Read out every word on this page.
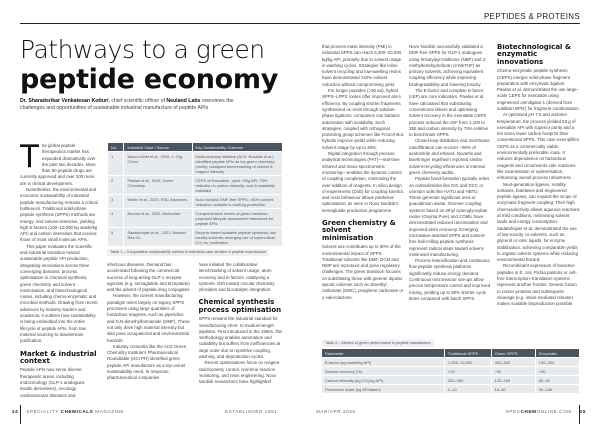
PEPTIDES & PROTEINS
Pathways to a green
peptide economy
Dr. Sharadsrikar Venkatesan Kotturi, chief scientific officer of Neuland Labs overviews the challenges and opportunities of sustainable industrial manufacture of peptide APIs

The global peptide therapeutics market has expanded dramatically over the past two decades. More than 80 peptide drugs are currently approved and over 200 more are in clinical development.

Nonetheless, the environmental and economic sustainability of industrial peptide manufacturing remains a critical bottleneck. Traditional solid-phase peptide synthesis (SPPS) methods are energy- and solvent-intensive, yielding high E-factors (100–10,000 kg waste/kg API) and carbon intensities that exceed those of most small molecule APIs.

This paper evaluates the scientific and industrial transition toward sustainable peptide API production, integrating innovations across three converging domains: process optimisation in chemical synthesis, green chemistry and solvent minimisation, and biotechnological routes, including chemo-enzymatic and microbial methods. Drawing from recent advances by industry leaders and academia, it outlines how sustainability is being embedded into the entire lifecycle of peptide APIs, from raw material sourcing to downstream purification.

Market & industrial context

Peptide APIs now serve diverse therapeutic areas, including endocrinology (GLP-1 analogues, insulin derivatives), oncology, cardiovascular diseases and

No.	Industrial Case / Source	Key Sustainability Outcome
1	Isidro-Llobet et al., 2019, J. Org. Chem.	Multi-company initiative (ACS, Novartis et al.) identified peptide APIs as top green chemistry priority; catalysed benchmarking of solvent & reagent intensity
2	Pawlas et al., 2019, Green Chemistry	CEPS of Exenatide - yield >50g API; 75% reduction in carbon intensity; cost & scalability validated
3	Martin et al., 2020, RSC Advances	Novo Nordisk DMF-free SPPS; >60% solvent reduction; suitable to multi-kg production
4	Neumo et al., 2023, Molecules	Comprehensive review of green transition; proposed lifecycle assessment framework for peptide APIs
5	Sadatshojaei et al., 2021, Biomed Res Ch.	Enzyme-based scalable peptide synthesis; low toxicity solvents; emerging use of supercritical CO₂ for purification
Table 1 – Comparative sustainability metrics in industrial case studies of peptide manufacture

infectious diseases. Demand has accelerated following the commercial success of long-acting GLP-1 receptor agonists (e.g. semaglutide and tirzepatide) and the advent of peptide-drug conjugates.

However, the current manufacturing paradigm relies largely on legacy SPPS processes using large quantities of hazardous reagents, such as piperidine and N,N-dimethylformamide (DMF). These not only drive high material intensity but also pose occupational and environmental hazards.

Industry consortia like the ACS Green Chemistry Institute's Pharmaceutical Roundtable (GCI PR) identified green peptide API manufacture as a top unmet sustainability need. In response, pharmaceutical companies

have initiated the collaborative benchmarking of solvent usage, atom economy and E-factors, catalysing a systemic shift toward circular chemistry principles and biocatalytic integration.

Chemical synthesis process optimisation

SPPS remains the industrial standard for manufacturing short- to medium-length peptides. First introduced in the 1960s, this methodology enables automation and scalability but suffers from inefficiencies at large scale due to repetitive coupling, washing, and deprotection cycles.

Recent optimisations focus on reagent stoichiometry control, real-time reaction monitoring, and resin engineering. Novo Nordisk researchers have highlighted

that process mass intensity (PMI) in industrial SPPS can reach 5,000–20,000 kg/kg API, primarily due to solvent usage in washing cycles. Strategies like inline solvent recycling and low-swelling resins have demonstrated >50% solvent reduction without compromising yield.

For longer peptides (>30 aa), hybrid SPPS–LPPS routes offer improved atom efficiency. By coupling shorter fragments synthesised on resin through solution-phase ligations, companies can balance automation with scalability. Such strategies, coupled with orthogonal protecting group schemes like Fmoc/t-Boc hybrids improve yields while reducing solvent usage by up to 30%.

Digital integration through process analytical technologies (PAT)—real-time infrared and mass-spectrometric monitoring—enables the dynamic control of coupling completion, minimising the over-addition of reagents. In silico design of experiments (DoE) for coupling kinetics and resin behaviour allows predictive optimisation, as seen in Novo Nordisk's semaglutide production programme.

Green chemistry & solvent minimisation

Solvent use contributes up to 90% of the environmental impact of SPPS. Traditional solvents like DMF, DCM and NMP are reprotoxic and pose regulatory challenges. The green transition focuses on substituting these with greener dipolar aprotic solvents such as dimethyl carbonate (DMC), propylene carbonate or γ-valerolactone.

Novo Nordisk successfully validated a DMF-free SPPS for GLP-1 analogues using N-butylpyrrolidinone (NBP) and 2-methyltetrahydrofuran (2-MeTHF) as primary solvents, achieving equivalent coupling efficiency while improving biodegradability and lowering toxicity.

The E-factor and complete E-factor (cEF) are core indicators. Pawlas et al. have calculated that substituting conventional linkers and optimising solvent recovery in the exenatide CEPS process reduced the cEF from 1,100 to 350 and carbon intensity by 75% relative to benchmark SPPS.

Closed-loop distillation and membrane nanofiltration can recover ~90% of acetonitrile and ethanol. Novartis and Boehringer Ingelheim reported similar solvent-recycling efficiencies in internal green chemistry audits.

Peptide bond-formation typically relies on carbodiimides like DIC and DCC or uronium salts like HATU and HBTU. These generate significant urea or guanidinium waste. Greener coupling systems based on ethyl cyanoglyoxylate oxime (Oxyma Pure) and COMU have demonstrated reduced racemisation and improved atom economy. Emerging microwave-assisted SPPS and solvent-free ball-milling peptide synthesis represent radical steps toward solvent-minimised manufacturing.

Process intensification and continuous flow peptide synthesis platforms significantly reduce energy demand. Continuous microreactor set-ups allow precise temperature control and improved mixing, yielding up to 50% shorter cycle times compared with batch SPPS.

Biotechnological & enzymatic innovations

Chemo-enzymatic peptide synthesis (CEPS) merges solid-phase fragment preparation with enzymatic ligation. Pawlas et al. demonstrated the use large-scale CEPS for exenatide using engineered omniligase-1 (derived from subtilisin BPN') for fragment condensation.

At optimised pH 7.5 and ambient temperature, the process yielded 53 g of exenatide API with superior purity and a ten times lower carbon footprint than conventional SPPS. This case exemplifies CEPS as a commercially viable, environmentally preferable route. It reduces dependence on hazardous reagents and circumvents side reactions like racemisation or epimerisation, enhancing overall process robustness.

Next-generation ligases, notably sortases, butelases and engineered peptide ligases, can expand the scope of enzymatic fragment coupling. Their high chemoselectivity allows aqueous reactions at mild conditions, minimising solvent loads and energy consumption. Sadatshojaei et al. demonstrated the use of low-toxicity co-solvents, such as glycerol or ionic liquids, for enzyme stabilisation, achieving comparable yields to organic solvent systems while reducing environmental hazard.

Recombinant expression of bioactive peptides in E. coli, Pichia pastoris or cell-free transcription–translation systems represent another frontier. Genetic fusion to carrier proteins and subsequent cleavage (e.g. intein-mediated release) makes scalable bioproduction possible.

Table 2 – Metrics of green performance in peptide manufacture
Parameter	Traditional SPPS	Green SPPS	Enzymatic
E-factor (kg waste/kg API)	1,000–15,000	300–500	150–300
Solvent recovery (%)	<10	~90	>90
Carbon intensity (kg CO₂/kg API)	250–450	120–150	80–90
Production scale (kg API/batch)	1–10	10–50	50–100
24 SPECIALITY CHEMICALS MAGAZINE	ESTABLISHED 1981	MAR/APR 2026	SPECCHEMONLINE.COM 25
